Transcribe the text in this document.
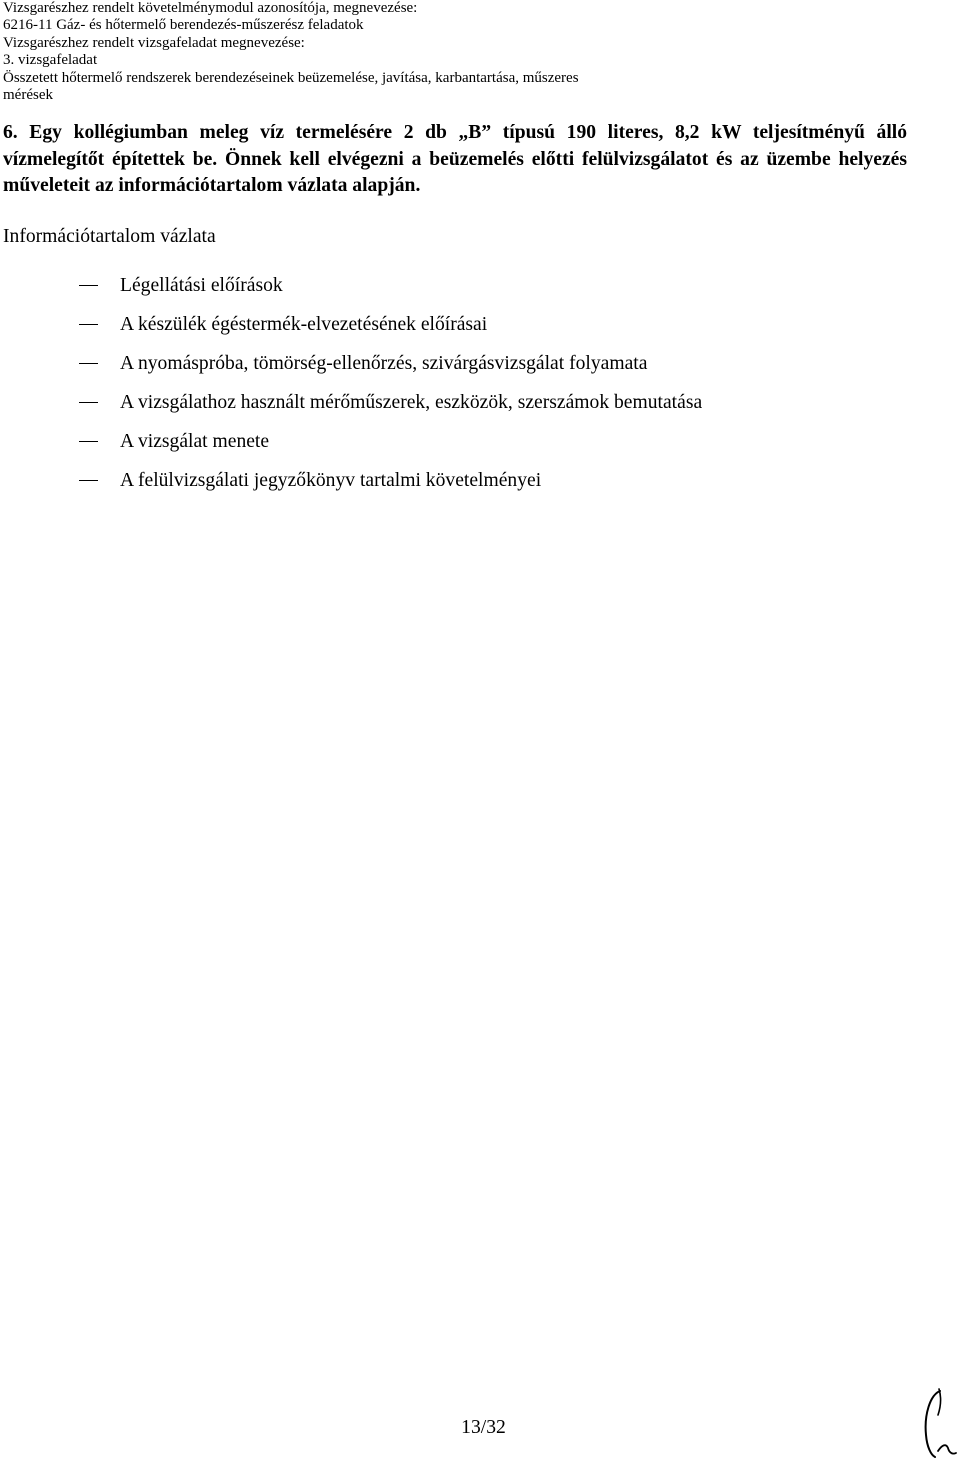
Vizsgarészhez rendelt követelménymodul azonosítója, megnevezése:
6216-11 Gáz- és hőtermelő berendezés-műszerész feladatok
Vizsgarészhez rendelt vizsgafeladat megnevezése:
3. vizsgafeladat
Összetett hőtermelő rendszerek berendezéseinek beüzemelése, javítása, karbantartása, műszeres
mérések
6. Egy kollégiumban meleg víz termelésére 2 db „B” típusú 190 literes, 8,2 kW teljesítményű álló vízmelegítőt építettek be. Önnek kell elvégezni a beüzemelés előtti felülvizsgálatot és az üzembe helyezés műveleteit az információtartalom vázlata alapján.
Információtartalom vázlata
Légellátási előírások
A készülék égéstermék-elvezetésének előírásai
A nyomáspróba, tömörség-ellenőrzés, szivárgásvizsgálat folyamata
A vizsgálathoz használt mérőműszerek, eszközök, szerszámok bemutatása
A vizsgálat menete
A felülvizsgálati jegyzőkönyv tartalmi követelményei
13/32
